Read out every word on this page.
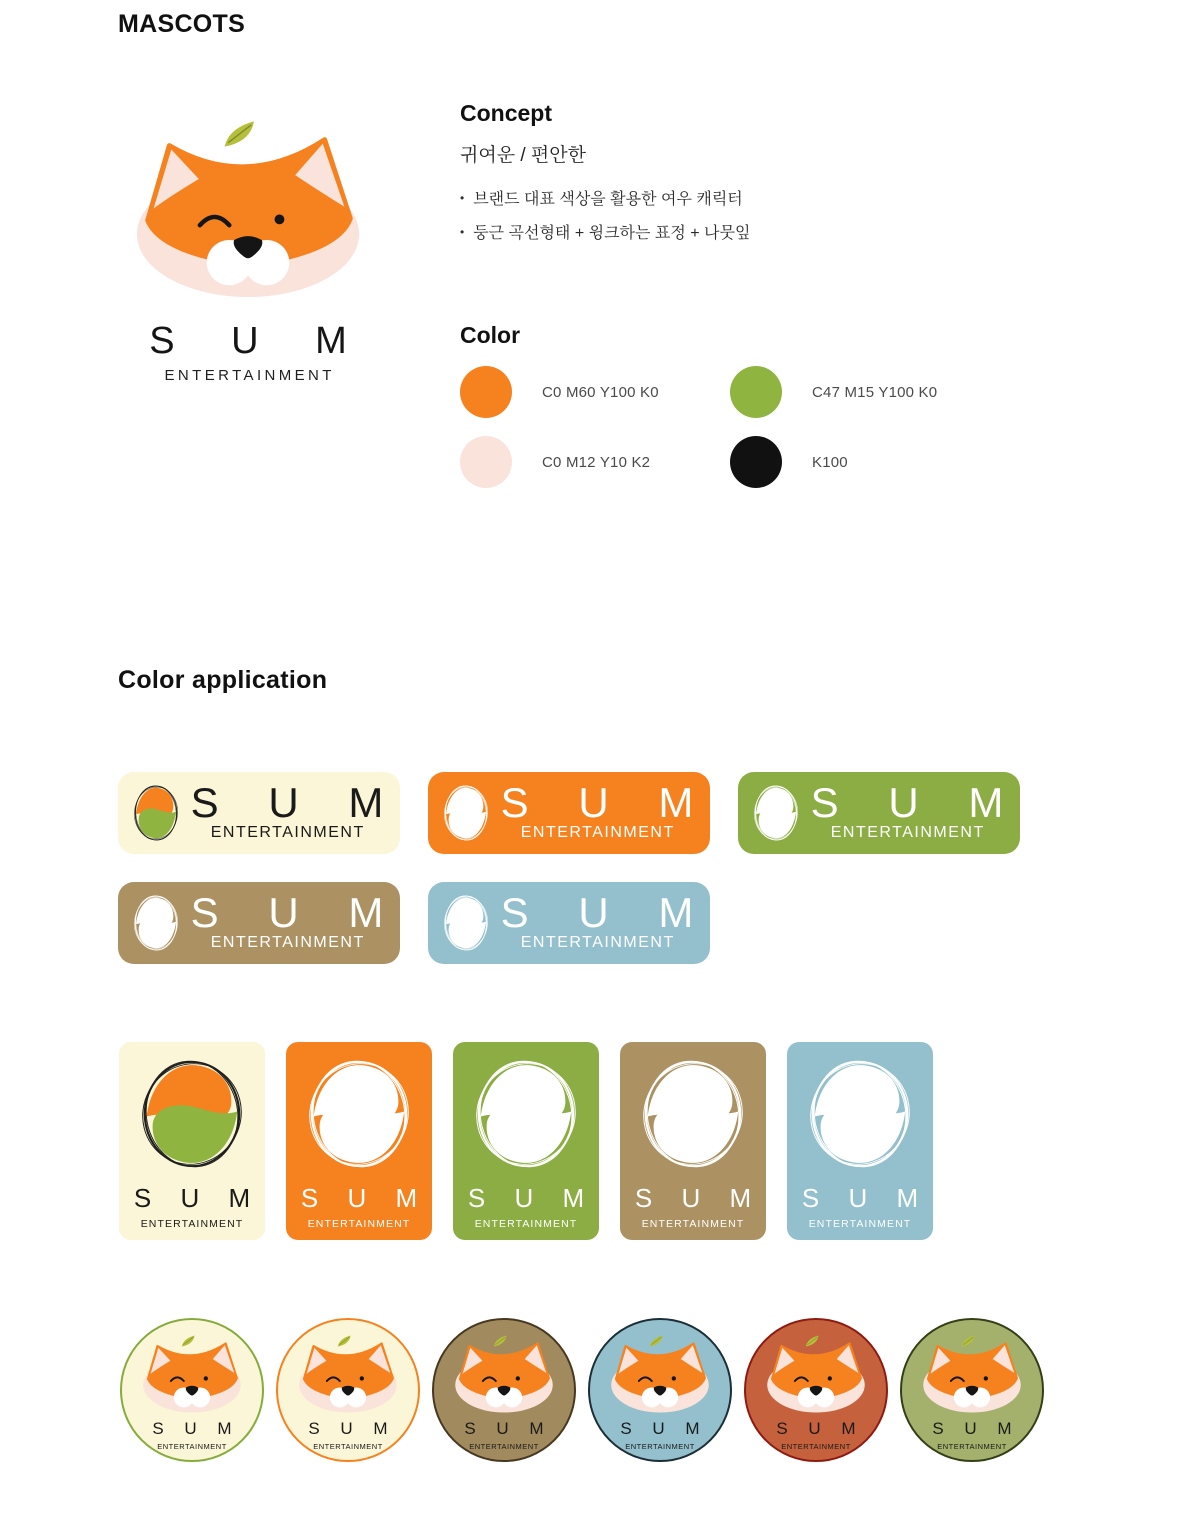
MASCOTS
S U M
ENTERTAINMENT
Concept
귀여운 / 편안한
• 브랜드 대표 색상을 활용한 여우 캐릭터
• 둥근 곡선형태 + 윙크하는 표정 + 나뭇잎
Color
C0 M60 Y100 K0	C47 M15 Y100 K0
C0 M12 Y10 K2	K100
Color application
S U M
ENTERTAINMENT
S U M
ENTERTAINMENT
S U M
ENTERTAINMENT
S U M
ENTERTAINMENT
S U M
ENTERTAINMENT
S U M
ENTERTAINMENT
S U M
ENTERTAINMENT
S U M
ENTERTAINMENT
S U M
ENTERTAINMENT
S U M
ENTERTAINMENT
S U M
ENTERTAINMENT
S U M
ENTERTAINMENT
S U M
ENTERTAINMENT
S U M
ENTERTAINMENT
S U M
ENTERTAINMENT
S U M
ENTERTAINMENT
